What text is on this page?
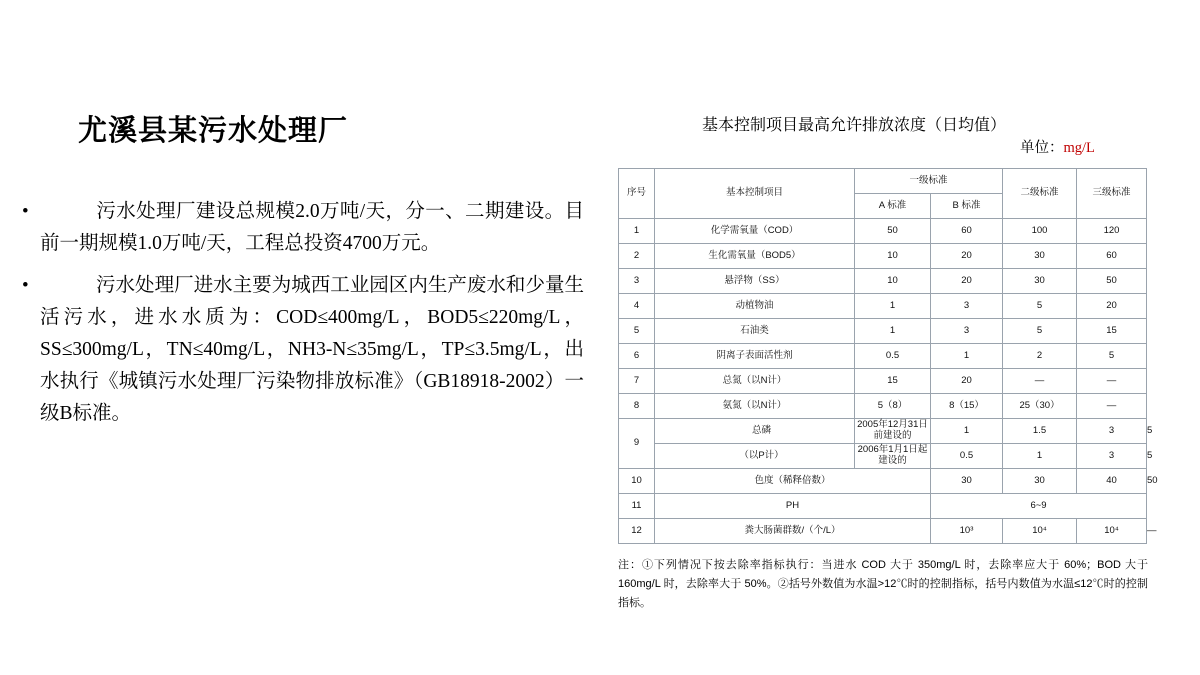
尤溪县某污水处理厂
•	污水处理厂建设总规模2.0万吨/天，分一、二期建设。目前一期规模1.0万吨/天，工程总投资4700万元。
•	污水处理厂进水主要为城西工业园区内生产废水和少量生活污水，进水水质为：COD≤400mg/L，BOD5≤220mg/L，SS≤300mg/L，TN≤40mg/L，NH3-N≤35mg/L，TP≤3.5mg/L，出水执行《城镇污水处理厂污染物排放标准》（GB18918-2002）一级B标准。
基本控制项目最高允许排放浓度（日均值）
单位：mg/L
序号	基本控制项目	一级标准		二级标准	三级标准	
		A 标准	B 标准			
1	化学需氧量（COD）	50	60	100	120	
2	生化需氧量（BOD5）	10	20	30	60	
3	悬浮物（SS）	10	20	30	50	
4	动植物油	1	3	5	20	
5	石油类	1	3	5	15	
6	阴离子表面活性剂	0.5	1	2	5	
7	总氮（以N计）	15	20	—	—	
8	氨氮（以N计）	5（8）	8（15）	25（30）	—	
9	总磷	2005年12月31日前建设的	1	1.5	3	5
	（以P计）	2006年1月1日起建设的	0.5	1	3	5
10	色度（稀释倍数）		30	30	40	50
11	PH		6~9			
12	粪大肠菌群数/（个/L）		10³	10⁴	10⁴	—
注：①下列情况下按去除率指标执行：当进水 COD 大于 350mg/L 时，去除率应大于 60%；BOD 大于 160mg/L 时，去除率大于 50%。②括号外数值为水温>12℃时的控制指标，括号内数值为水温≤12℃时的控制指标。
